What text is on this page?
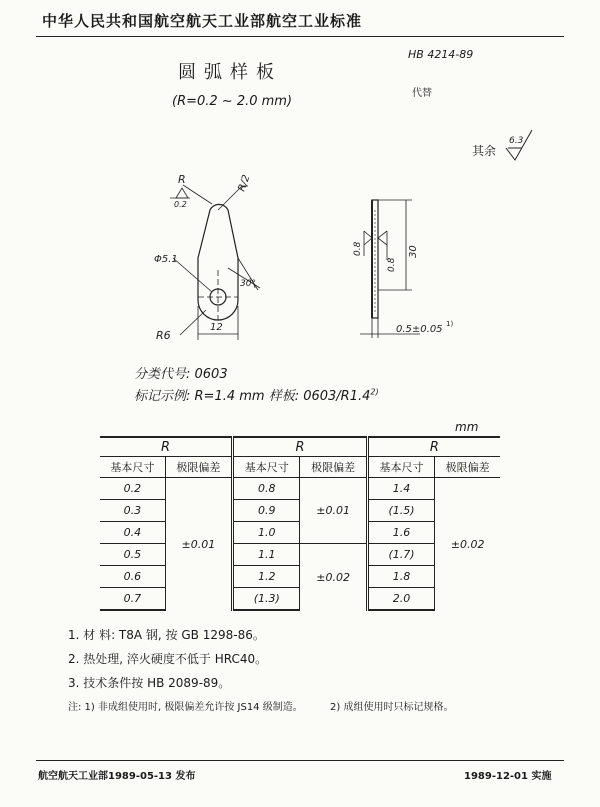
中华人民共和国航空航天工业部航空工业标准
圆弧样板
(R=0.2 ~ 2.0 mm)
HB 4214-89
代替
其余
6.3
R
0.2
R/2
Φ5.1
30°
R6
12
0.8
0.8
30
0.5±0.05 1)
分类代号: 0603
标记示例: R=1.4 mm 样板: 0603/R1.4$^{2)}$
mm
R		R		R	
基本尺寸	极限偏差	基本尺寸	极限偏差	基本尺寸	极限偏差
0.2	±0.01	0.8	±0.01	1.4	±0.02
0.3		0.9		(1.5)	
0.4		1.0		1.6	
0.5		1.1	±0.02	(1.7)	
0.6		1.2		1.8	
0.7		(1.3)		2.0	
1. 材 料: T8A 钢, 按 GB 1298-86。
2. 热处理, 淬火硬度不低于 HRC40。
3. 技术条件按 HB 2089-89。
注: 1) 非成组使用时, 极限偏差允许按 JS14 级制造。	2) 成组使用时只标记规格。
航空航天工业部1989-05-13 发布	1989-12-01 实施
